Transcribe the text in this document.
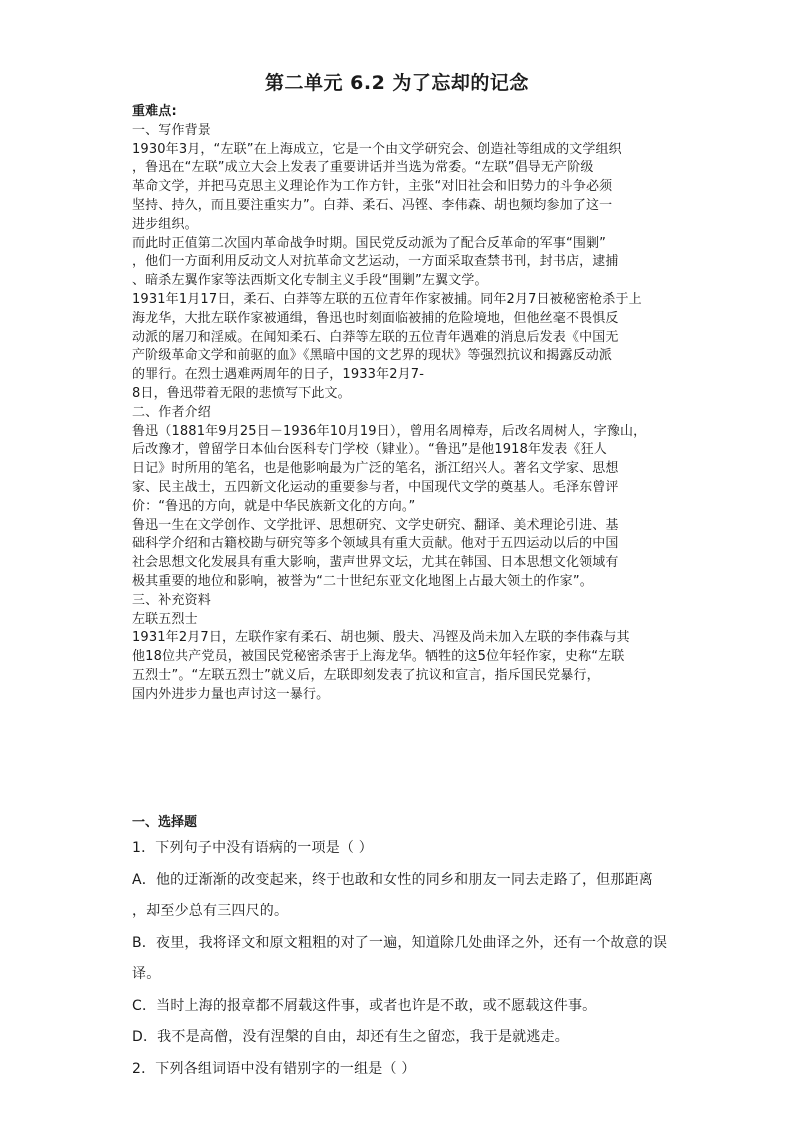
第二单元 6.2 为了忘却的记念
重难点:
一、写作背景
1930年3月，“左联”在上海成立，它是一个由文学研究会、创造社等组成的文学组织
，鲁迅在“左联”成立大会上发表了重要讲话并当选为常委。“左联”倡导无产阶级
革命文学，并把马克思主义理论作为工作方针，主张“对旧社会和旧势力的斗争必须
坚持、持久，而且要注重实力”。白莽、柔石、冯铿、李伟森、胡也频均参加了这一
进步组织。
而此时正值第二次国内革命战争时期。国民党反动派为了配合反革命的军事“围剿”
，他们一方面利用反动文人对抗革命文艺运动，一方面采取查禁书刊，封书店，逮捕
、暗杀左翼作家等法西斯文化专制主义手段“围剿”左翼文学。
1931年1月17日，柔石、白莽等左联的五位青年作家被捕。同年2月7日被秘密枪杀于上
海龙华，大批左联作家被通缉，鲁迅也时刻面临被捕的危险境地，但他丝毫不畏惧反
动派的屠刀和淫威。在闻知柔石、白莽等左联的五位青年遇难的消息后发表《中国无
产阶级革命文学和前驱的血》《黑暗中国的文艺界的现状》等强烈抗议和揭露反动派
的罪行。在烈士遇难两周年的日子，1933年2月7-
8日，鲁迅带着无限的悲愤写下此文。
二、作者介绍
鲁迅（1881年9月25日－1936年10月19日），曾用名周樟寿，后改名周树人，字豫山，
后改豫才，曾留学日本仙台医科专门学校（肄业）。“鲁迅”是他1918年发表《狂人
日记》时所用的笔名，也是他影响最为广泛的笔名，浙江绍兴人。著名文学家、思想
家、民主战士，五四新文化运动的重要参与者，中国现代文学的奠基人。毛泽东曾评
价：“鲁迅的方向，就是中华民族新文化的方向。”
鲁迅一生在文学创作、文学批评、思想研究、文学史研究、翻译、美术理论引进、基
础科学介绍和古籍校勘与研究等多个领域具有重大贡献。他对于五四运动以后的中国
社会思想文化发展具有重大影响，蜚声世界文坛，尤其在韩国、日本思想文化领域有
极其重要的地位和影响，被誉为“二十世纪东亚文化地图上占最大领土的作家”。
三、补充资料
左联五烈士
1931年2月7日，左联作家有柔石、胡也频、殷夫、冯铿及尚未加入左联的李伟森与其
他18位共产党员，被国民党秘密杀害于上海龙华。牺牲的这5位年轻作家，史称“左联
五烈士”。“左联五烈士”就义后，左联即刻发表了抗议和宣言，指斥国民党暴行，
国内外进步力量也声讨这一暴行。
一、选择题
1．下列句子中没有语病的一项是（ ）
A．他的迂渐渐的改变起来，终于也敢和女性的同乡和朋友一同去走路了，但那距离
，却至少总有三四尺的。
B．夜里，我将译文和原文粗粗的对了一遍，知道除几处曲译之外，还有一个故意的误
译。
C．当时上海的报章都不屑载这件事，或者也许是不敢，或不愿载这件事。
D．我不是高僧，没有涅槃的自由，却还有生之留恋，我于是就逃走。
2．下列各组词语中没有错别字的一组是（ ）
